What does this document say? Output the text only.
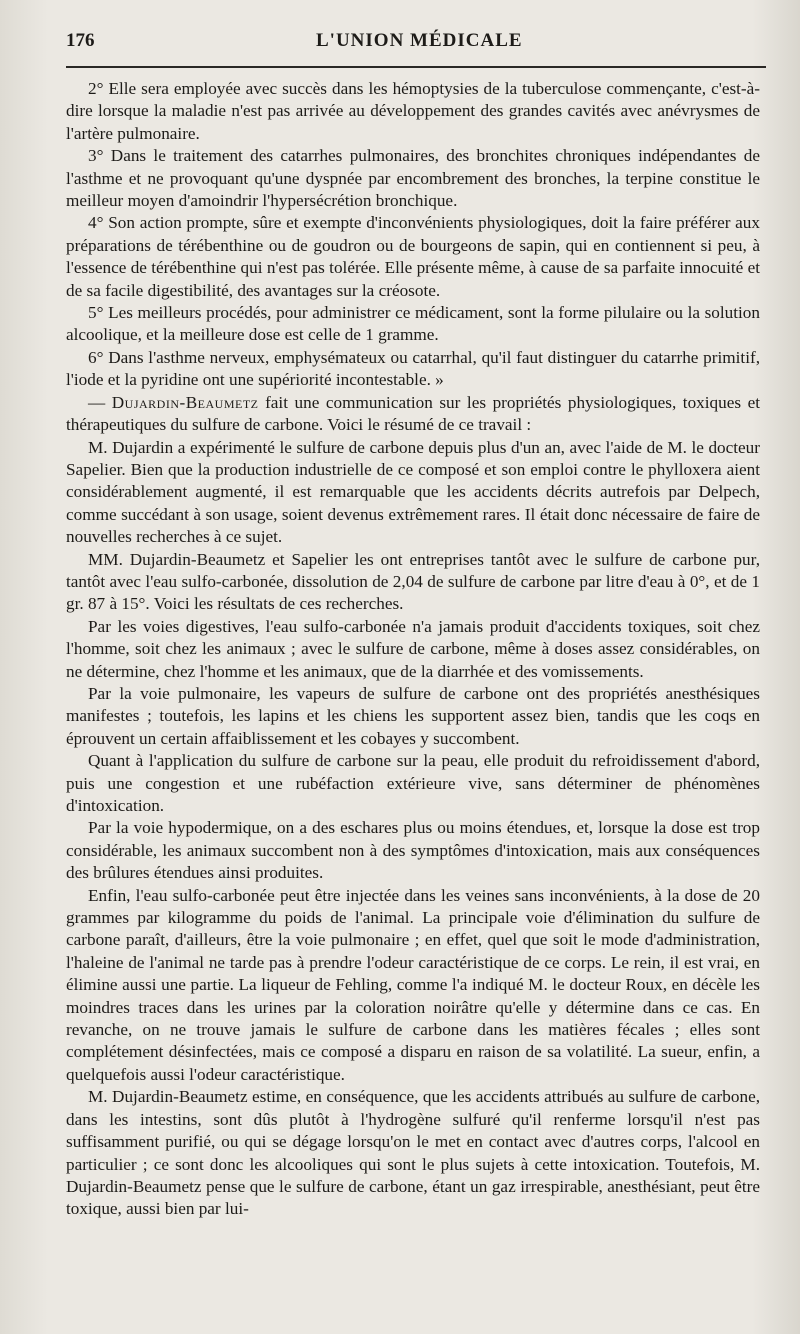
176	L'UNION MÉDICALE

2° Elle sera employée avec succès dans les hémoptysies de la tuberculose commençante, c'est-à-dire lorsque la maladie n'est pas arrivée au développement des grandes cavités avec anévrysmes de l'artère pulmonaire.

3° Dans le traitement des catarrhes pulmonaires, des bronchites chroniques indépendantes de l'asthme et ne provoquant qu'une dyspnée par encombrement des bronches, la terpine constitue le meilleur moyen d'amoindrir l'hypersécrétion bronchique.

4° Son action prompte, sûre et exempte d'inconvénients physiologiques, doit la faire préférer aux préparations de térébenthine ou de goudron ou de bourgeons de sapin, qui en contiennent si peu, à l'essence de térébenthine qui n'est pas tolérée. Elle présente même, à cause de sa parfaite innocuité et de sa facile digestibilité, des avantages sur la créosote.

5° Les meilleurs procédés, pour administrer ce médicament, sont la forme pilulaire ou la solution alcoolique, et la meilleure dose est celle de 1 gramme.

6° Dans l'asthme nerveux, emphysémateux ou catarrhal, qu'il faut distinguer du catarrhe primitif, l'iode et la pyridine ont une supériorité incontestable. »

— Dujardin-Beaumetz fait une communication sur les propriétés physiologiques, toxiques et thérapeutiques du sulfure de carbone. Voici le résumé de ce travail :

M. Dujardin a expérimenté le sulfure de carbone depuis plus d'un an, avec l'aide de M. le docteur Sapelier. Bien que la production industrielle de ce composé et son emploi contre le phylloxera aient considérablement augmenté, il est remarquable que les accidents décrits autrefois par Delpech, comme succédant à son usage, soient devenus extrêmement rares. Il était donc nécessaire de faire de nouvelles recherches à ce sujet.

MM. Dujardin-Beaumetz et Sapelier les ont entreprises tantôt avec le sulfure de carbone pur, tantôt avec l'eau sulfo-carbonée, dissolution de 2,04 de sulfure de carbone par litre d'eau à 0°, et de 1 gr. 87 à 15°. Voici les résultats de ces recherches.

Par les voies digestives, l'eau sulfo-carbonée n'a jamais produit d'accidents toxiques, soit chez l'homme, soit chez les animaux ; avec le sulfure de carbone, même à doses assez considérables, on ne détermine, chez l'homme et les animaux, que de la diarrhée et des vomissements.

Par la voie pulmonaire, les vapeurs de sulfure de carbone ont des propriétés anesthésiques manifestes ; toutefois, les lapins et les chiens les supportent assez bien, tandis que les coqs en éprouvent un certain affaiblissement et les cobayes y succombent.

Quant à l'application du sulfure de carbone sur la peau, elle produit du refroidissement d'abord, puis une congestion et une rubéfaction extérieure vive, sans déterminer de phénomènes d'intoxication.

Par la voie hypodermique, on a des eschares plus ou moins étendues, et, lorsque la dose est trop considérable, les animaux succombent non à des symptômes d'intoxication, mais aux conséquences des brûlures étendues ainsi produites.

Enfin, l'eau sulfo-carbonée peut être injectée dans les veines sans inconvénients, à la dose de 20 grammes par kilogramme du poids de l'animal. La principale voie d'élimination du sulfure de carbone paraît, d'ailleurs, être la voie pulmonaire ; en effet, quel que soit le mode d'administration, l'haleine de l'animal ne tarde pas à prendre l'odeur caractéristique de ce corps. Le rein, il est vrai, en élimine aussi une partie. La liqueur de Fehling, comme l'a indiqué M. le docteur Roux, en décèle les moindres traces dans les urines par la coloration noirâtre qu'elle y détermine dans ce cas. En revanche, on ne trouve jamais le sulfure de carbone dans les matières fécales ; elles sont complétement désinfectées, mais ce composé a disparu en raison de sa volatilité. La sueur, enfin, a quelquefois aussi l'odeur caractéristique.

M. Dujardin-Beaumetz estime, en conséquence, que les accidents attribués au sulfure de carbone, dans les intestins, sont dûs plutôt à l'hydrogène sulfuré qu'il renferme lorsqu'il n'est pas suffisamment purifié, ou qui se dégage lorsqu'on le met en contact avec d'autres corps, l'alcool en particulier ; ce sont donc les alcooliques qui sont le plus sujets à cette intoxication. Toutefois, M. Dujardin-Beaumetz pense que le sulfure de carbone, étant un gaz irrespirable, anesthésiant, peut être toxique, aussi bien par lui-
